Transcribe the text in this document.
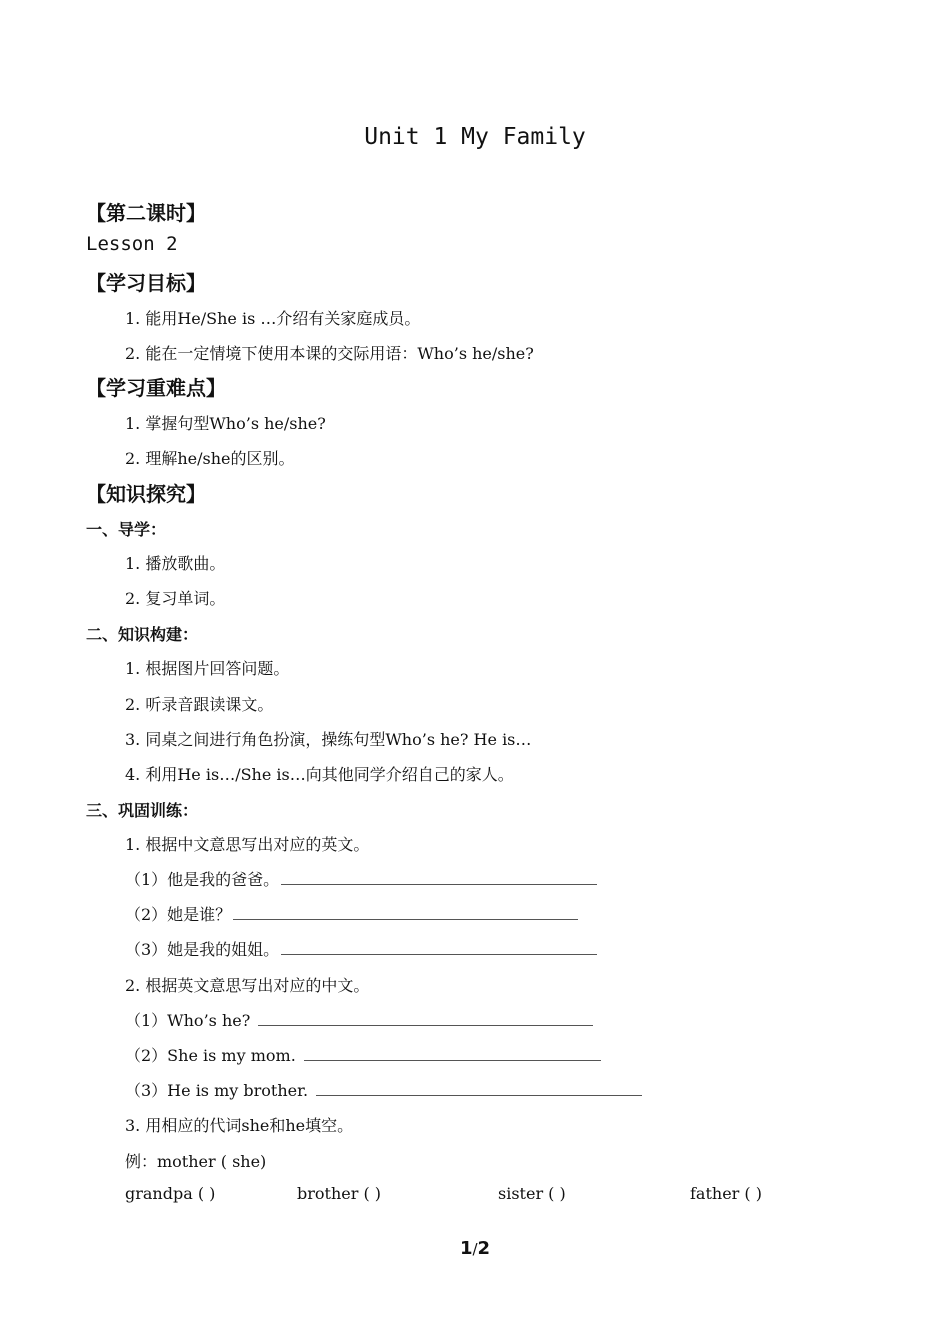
Unit 1 My Family
【第二课时】
Lesson 2
【学习目标】
1. 能用He/She is …介绍有关家庭成员。
2. 能在一定情境下使用本课的交际用语：Who’s he/she?
【学习重难点】
1. 掌握句型Who’s he/she?
2. 理解he/she的区别。
【知识探究】
一、导学：
1. 播放歌曲。
2. 复习单词。
二、知识构建：
1. 根据图片回答问题。
2. 听录音跟读课文。
3. 同桌之间进行角色扮演，操练句型Who’s he? He is…
4. 利用He is…/She is…向其他同学介绍自己的家人。
三、巩固训练：
1. 根据中文意思写出对应的英文。
（1）他是我的爸爸。
（2）她是谁？
（3）她是我的姐姐。
2. 根据英文意思写出对应的中文。
（1）Who’s he?
（2）She is my mom.
（3）He is my brother.
3. 用相应的代词she和he填空。
例：mother ( she)
grandpa ( )	brother ( )	sister ( )	father ( )
1/2
